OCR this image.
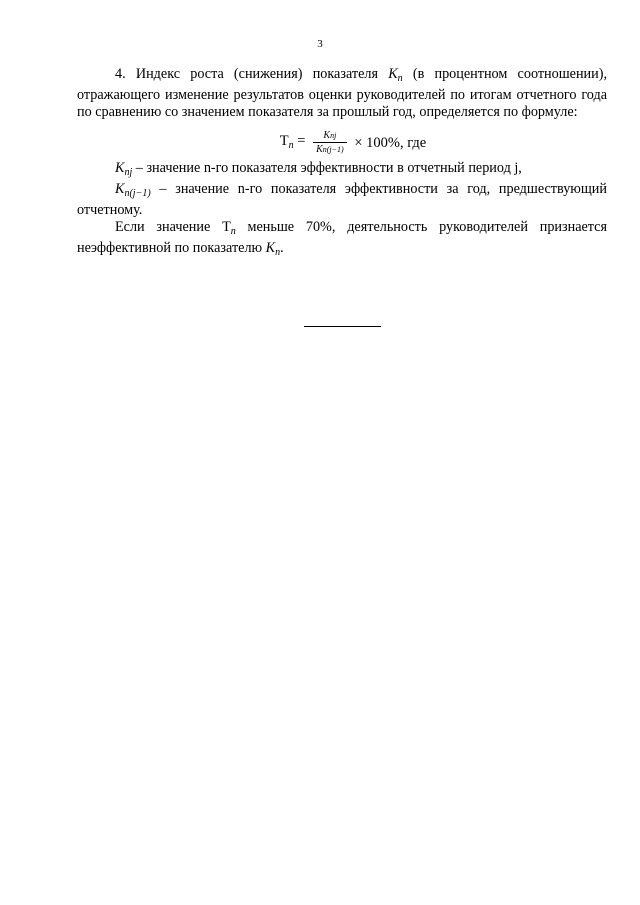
3

4. Индекс роста (снижения) показателя $K_n$ (в процентном соотношении), отражающего изменение результатов оценки руководителей по итогам отчетного года по сравнению со значением показателя за прошлый год, определяется по формуле:

$T_n = \frac{\text{Knj}}{Kn(j-1)} \times 100\%$, где

$K_{nj}$ – значение n-го показателя эффективности в отчетный период j,

$K_{n(j-1)}$ – значение n-го показателя эффективности за год, предшествующий отчетному.

Если значение $T_n$ меньше 70%, деятельность руководителей признается неэффективной по показателю $K_n$.
